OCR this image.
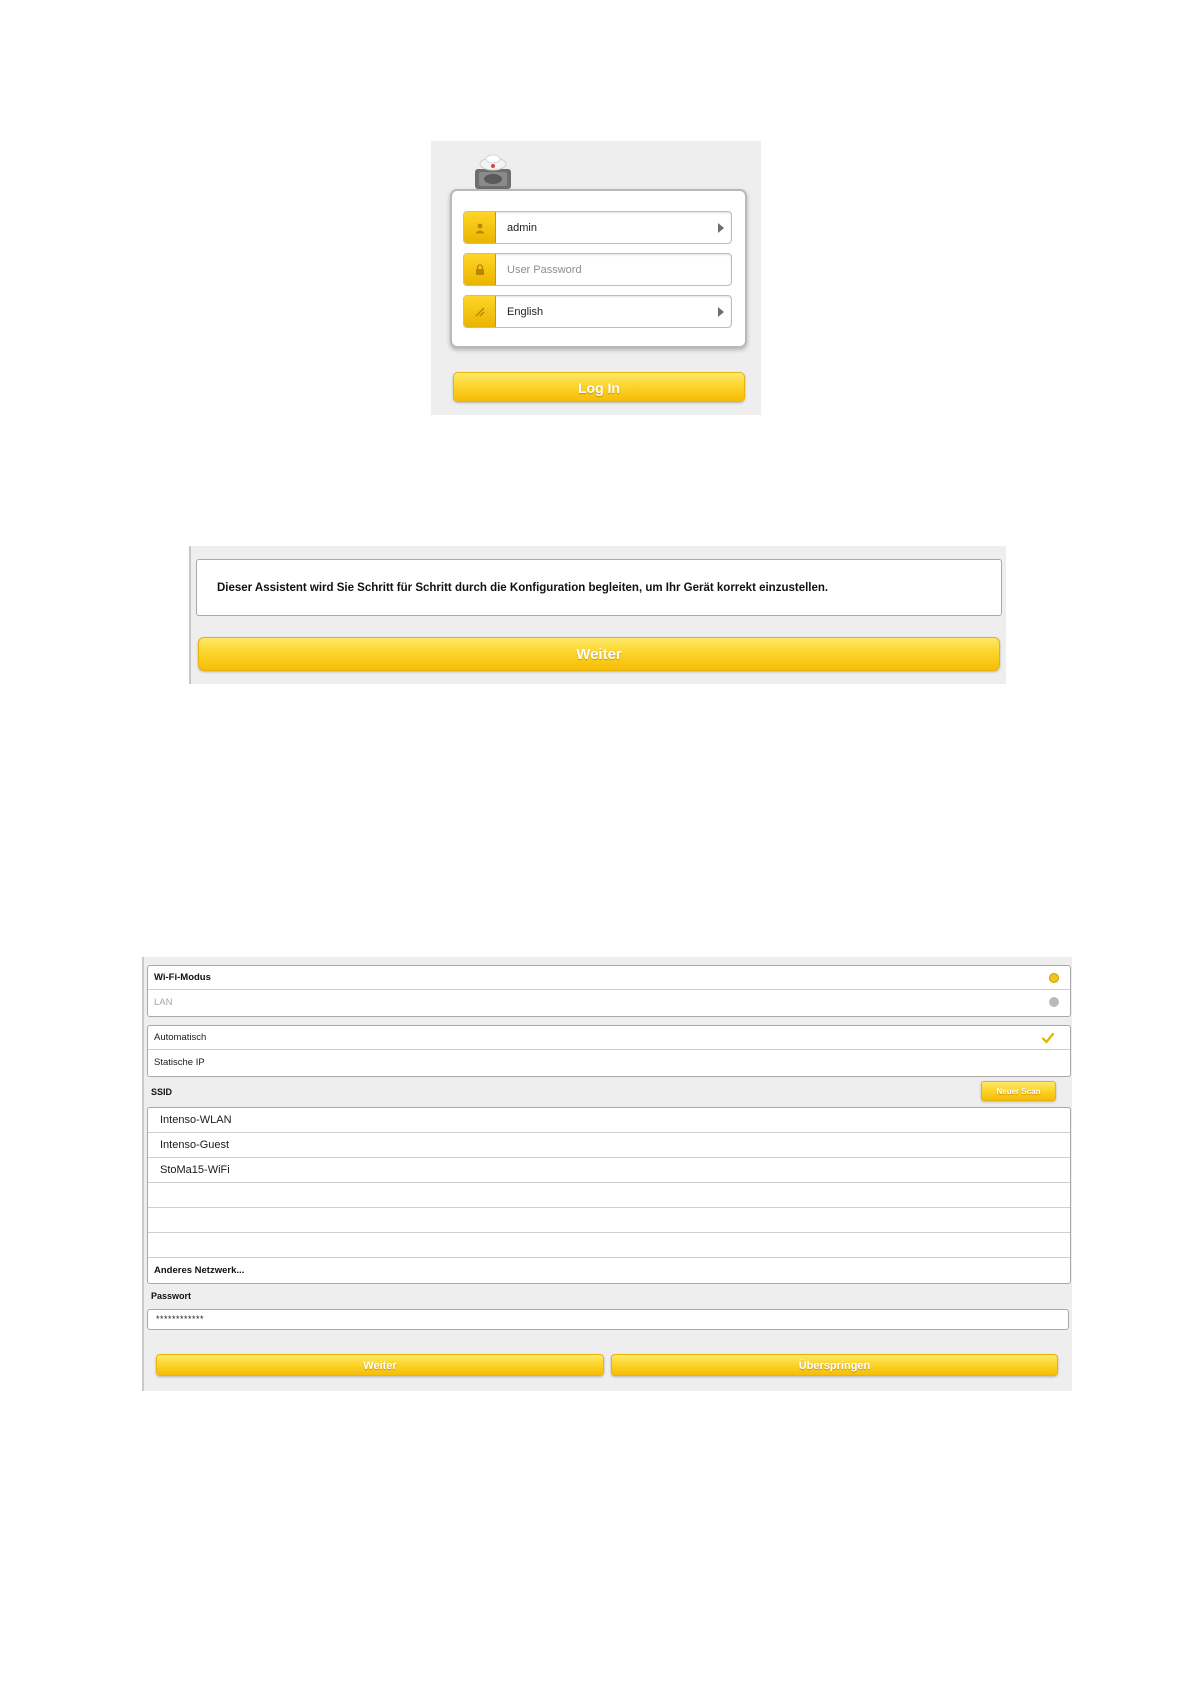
admin
User Password
English
Log In
Dieser Assistent wird Sie Schritt für Schritt durch die Konfiguration begleiten, um Ihr Gerät korrekt einzustellen.
Weiter
Wi-Fi-Modus
LAN
Automatisch
Statische IP
SSID	Neuer Scan
Intenso-WLAN
Intenso-Guest
StoMa15-WiFi
Anderes Netzwerk...
Passwort
************
Weiter	Überspringen
